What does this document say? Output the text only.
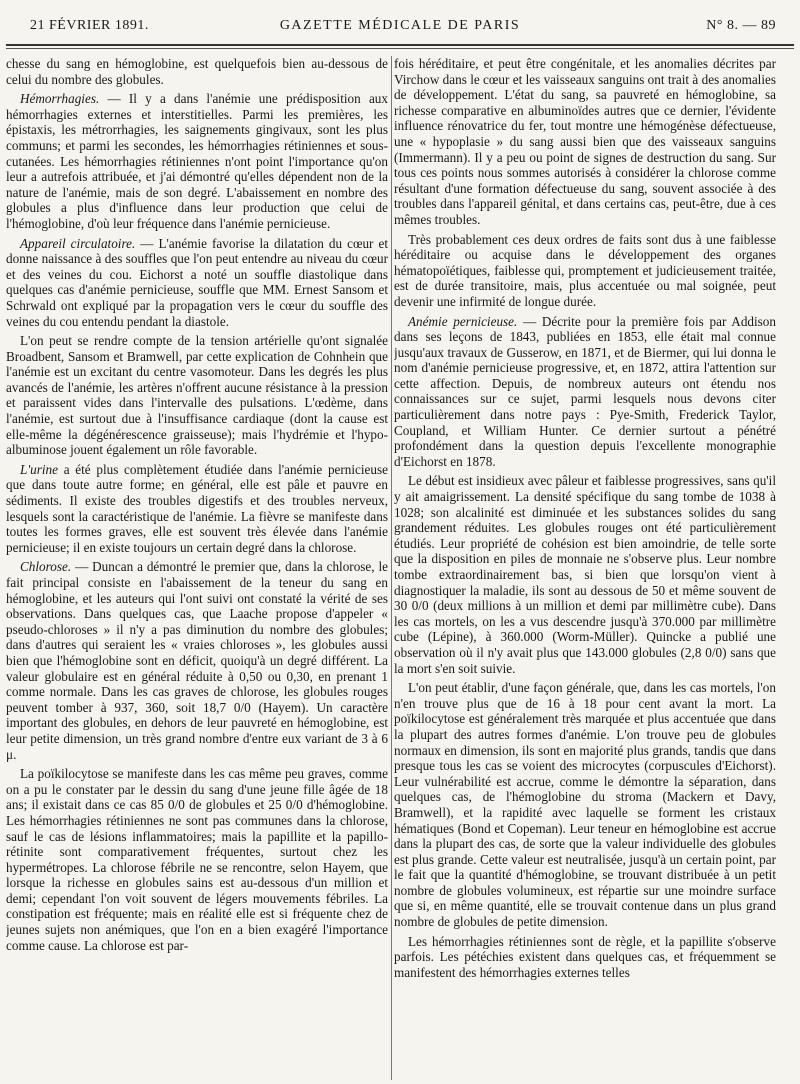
21 FÉVRIER 1891.	GAZETTE MÉDICALE DE PARIS	N° 8. — 89

chesse du sang en hémoglobine, est quelquefois bien au-dessous de celui du nombre des globules.

Hémorrhagies. — Il y a dans l'anémie une prédisposition aux hémorrhagies externes et interstitielles. Parmi les premières, les épistaxis, les métrorrhagies, les saignements gingivaux, sont les plus communs; et parmi les secondes, les hémorrhagies rétiniennes et sous-cutanées. Les hémorrhagies rétiniennes n'ont point l'importance qu'on leur a autrefois attribuée, et j'ai démontré qu'elles dépendent non de la nature de l'anémie, mais de son degré. L'abaissement en nombre des globules a plus d'influence dans leur production que celui de l'hémoglobine, d'où leur fréquence dans l'anémie pernicieuse.

Appareil circulatoire. — L'anémie favorise la dilatation du cœur et donne naissance à des souffles que l'on peut entendre au niveau du cœur et des veines du cou. Eichorst a noté un souffle diastolique dans quelques cas d'anémie pernicieuse, souffle que MM. Ernest Sansom et Schrwald ont expliqué par la propagation vers le cœur du souffle des veines du cou entendu pendant la diastole.

L'on peut se rendre compte de la tension artérielle qu'ont signalée Broadbent, Sansom et Bramwell, par cette explication de Cohnhein que l'anémie est un excitant du centre vasomoteur. Dans les degrés les plus avancés de l'anémie, les artères n'offrent aucune résistance à la pression et paraissent vides dans l'intervalle des pulsations. L'œdème, dans l'anémie, est surtout due à l'insuffisance cardiaque (dont la cause est elle-même la dégénérescence graisseuse); mais l'hydrémie et l'hypo-albuminose jouent également un rôle favorable.

L'urine a été plus complètement étudiée dans l'anémie pernicieuse que dans toute autre forme; en général, elle est pâle et pauvre en sédiments. Il existe des troubles digestifs et des troubles nerveux, lesquels sont la caractéristique de l'anémie. La fièvre se manifeste dans toutes les formes graves, elle est souvent très élevée dans l'anémie pernicieuse; il en existe toujours un certain degré dans la chlorose.

Chlorose. — Duncan a démontré le premier que, dans la chlorose, le fait principal consiste en l'abaissement de la teneur du sang en hémoglobine, et les auteurs qui l'ont suivi ont constaté la vérité de ses observations. Dans quelques cas, que Laache propose d'appeler « pseudo-chloroses » il n'y a pas diminution du nombre des globules; dans d'autres qui seraient les « vraies chloroses », les globules aussi bien que l'hémoglobine sont en déficit, quoiqu'à un degré différent. La valeur globulaire est en général réduite à 0,50 ou 0,30, en prenant 1 comme normale. Dans les cas graves de chlorose, les globules rouges peuvent tomber à 937, 360, soit 18,7 0/0 (Hayem). Un caractère important des globules, en dehors de leur pauvreté en hémoglobine, est leur petite dimension, un très grand nombre d'entre eux variant de 3 à 6 μ.

La poïkilocytose se manifeste dans les cas même peu graves, comme on a pu le constater par le dessin du sang d'une jeune fille âgée de 18 ans; il existait dans ce cas 85 0/0 de globules et 25 0/0 d'hémoglobine. Les hémorrhagies rétiniennes ne sont pas communes dans la chlorose, sauf le cas de lésions inflammatoires; mais la papillite et la papillo-rétinite sont comparativement fréquentes, surtout chez les hypermétropes. La chlorose fébrile ne se rencontre, selon Hayem, que lorsque la richesse en globules sains est au-dessous d'un million et demi; cependant l'on voit souvent de légers mouvements fébriles. La constipation est fréquente; mais en réalité elle est si fréquente chez de jeunes sujets non anémiques, que l'on en a bien exagéré l'importance comme cause. La chlorose est par-

fois héréditaire, et peut être congénitale, et les anomalies décrites par Virchow dans le cœur et les vaisseaux sanguins ont trait à des anomalies de développement. L'état du sang, sa pauvreté en hémoglobine, sa richesse comparative en albuminoïdes autres que ce dernier, l'évidente influence rénovatrice du fer, tout montre une hémogénèse défectueuse, une « hypoplasie » du sang aussi bien que des vaisseaux sanguins (Immermann). Il y a peu ou point de signes de destruction du sang. Sur tous ces points nous sommes autorisés à considérer la chlorose comme résultant d'une formation défectueuse du sang, souvent associée à des troubles dans l'appareil génital, et dans certains cas, peut-être, due à ces mêmes troubles.

Très probablement ces deux ordres de faits sont dus à une faiblesse héréditaire ou acquise dans le développement des organes hématopoïétiques, faiblesse qui, promptement et judicieusement traitée, est de durée transitoire, mais, plus accentuée ou mal soignée, peut devenir une infirmité de longue durée.

Anémie pernicieuse. — Décrite pour la première fois par Addison dans ses leçons de 1843, publiées en 1853, elle était mal connue jusqu'aux travaux de Gusserow, en 1871, et de Biermer, qui lui donna le nom d'anémie pernicieuse progressive, et, en 1872, attira l'attention sur cette affection. Depuis, de nombreux auteurs ont étendu nos connaissances sur ce sujet, parmi lesquels nous devons citer particulièrement dans notre pays : Pye-Smith, Frederick Taylor, Coupland, et William Hunter. Ce dernier surtout a pénétré profondément dans la question depuis l'excellente monographie d'Eichorst en 1878.

Le début est insidieux avec pâleur et faiblesse progressives, sans qu'il y ait amaigrissement. La densité spécifique du sang tombe de 1038 à 1028; son alcalinité est diminuée et les substances solides du sang grandement réduites. Les globules rouges ont été particulièrement étudiés. Leur propriété de cohésion est bien amoindrie, de telle sorte que la disposition en piles de monnaie ne s'observe plus. Leur nombre tombe extraordinairement bas, si bien que lorsqu'on vient à diagnostiquer la maladie, ils sont au dessous de 50 et même souvent de 30 0/0 (deux millions à un million et demi par millimètre cube). Dans les cas mortels, on les a vus descendre jusqu'à 370.000 par millimètre cube (Lépine), à 360.000 (Worm-Müller). Quincke a publié une observation où il n'y avait plus que 143.000 globules (2,8 0/0) sans que la mort s'en soit suivie.

L'on peut établir, d'une façon générale, que, dans les cas mortels, l'on n'en trouve plus que de 16 à 18 pour cent avant la mort. La poïkilocytose est généralement très marquée et plus accentuée que dans la plupart des autres formes d'anémie. L'on trouve peu de globules normaux en dimension, ils sont en majorité plus grands, tandis que dans presque tous les cas se voient des microcytes (corpuscules d'Eichorst). Leur vulnérabilité est accrue, comme le démontre la séparation, dans quelques cas, de l'hémoglobine du stroma (Mackern et Davy, Bramwell), et la rapidité avec laquelle se forment les cristaux hématiques (Bond et Copeman). Leur teneur en hémoglobine est accrue dans la plupart des cas, de sorte que la valeur individuelle des globules est plus grande. Cette valeur est neutralisée, jusqu'à un certain point, par le fait que la quantité d'hémoglobine, se trouvant distribuée à un petit nombre de globules volumineux, est répartie sur une moindre surface que si, en même quantité, elle se trouvait contenue dans un plus grand nombre de globules de petite dimension.

Les hémorrhagies rétiniennes sont de règle, et la papillite s'observe parfois. Les pétéchies existent dans quelques cas, et fréquemment se manifestent des hémorrhagies externes telles
